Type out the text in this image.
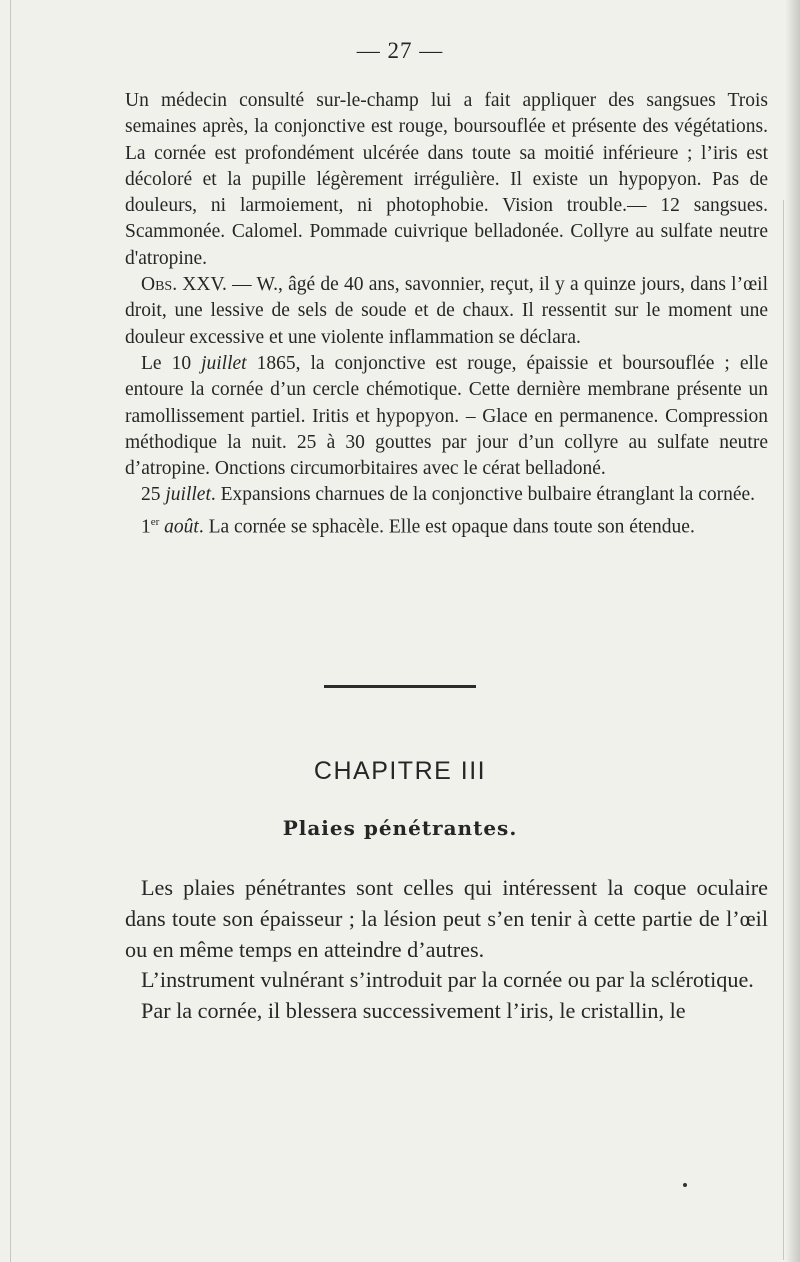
— 27 —

Un médecin consulté sur-le-champ lui a fait appliquer des sangsues Trois semaines après, la conjonctive est rouge, boursouflée et présente des végétations. La cornée est profondément ulcérée dans toute sa moitié inférieure ; l’iris est décoloré et la pupille légèrement irrégulière. Il existe un hypopyon. Pas de douleurs, ni larmoiement, ni photophobie. Vision trouble.— 12 sangsues. Scammonée. Calomel. Pommade cuivrique belladonée. Collyre au sulfate neutre d'atropine.

Obs. XXV. — W., âgé de 40 ans, savonnier, reçut, il y a quinze jours, dans l’œil droit, une lessive de sels de soude et de chaux. Il ressentit sur le moment une douleur excessive et une violente inflammation se déclara.

Le 10 juillet 1865, la conjonctive est rouge, épaissie et boursouflée ; elle entoure la cornée d’un cercle chémotique. Cette dernière membrane présente un ramollissement partiel. Iritis et hypopyon. – Glace en permanence. Compression méthodique la nuit. 25 à 30 gouttes par jour d’un collyre au sulfate neutre d’atropine. Onctions circumorbitaires avec le cérat belladoné.

25 juillet. Expansions charnues de la conjonctive bulbaire étranglant la cornée.

1er août. La cornée se sphacèle. Elle est opaque dans toute son étendue.

CHAPITRE III
Plaies pénétrantes.

Les plaies pénétrantes sont celles qui intéressent la coque oculaire dans toute son épaisseur ; la lésion peut s’en tenir à cette partie de l’œil ou en même temps en atteindre d’autres.

L’instrument vulnérant s’introduit par la cornée ou par la sclérotique.

Par la cornée, il blessera successivement l’iris, le cristallin, le
